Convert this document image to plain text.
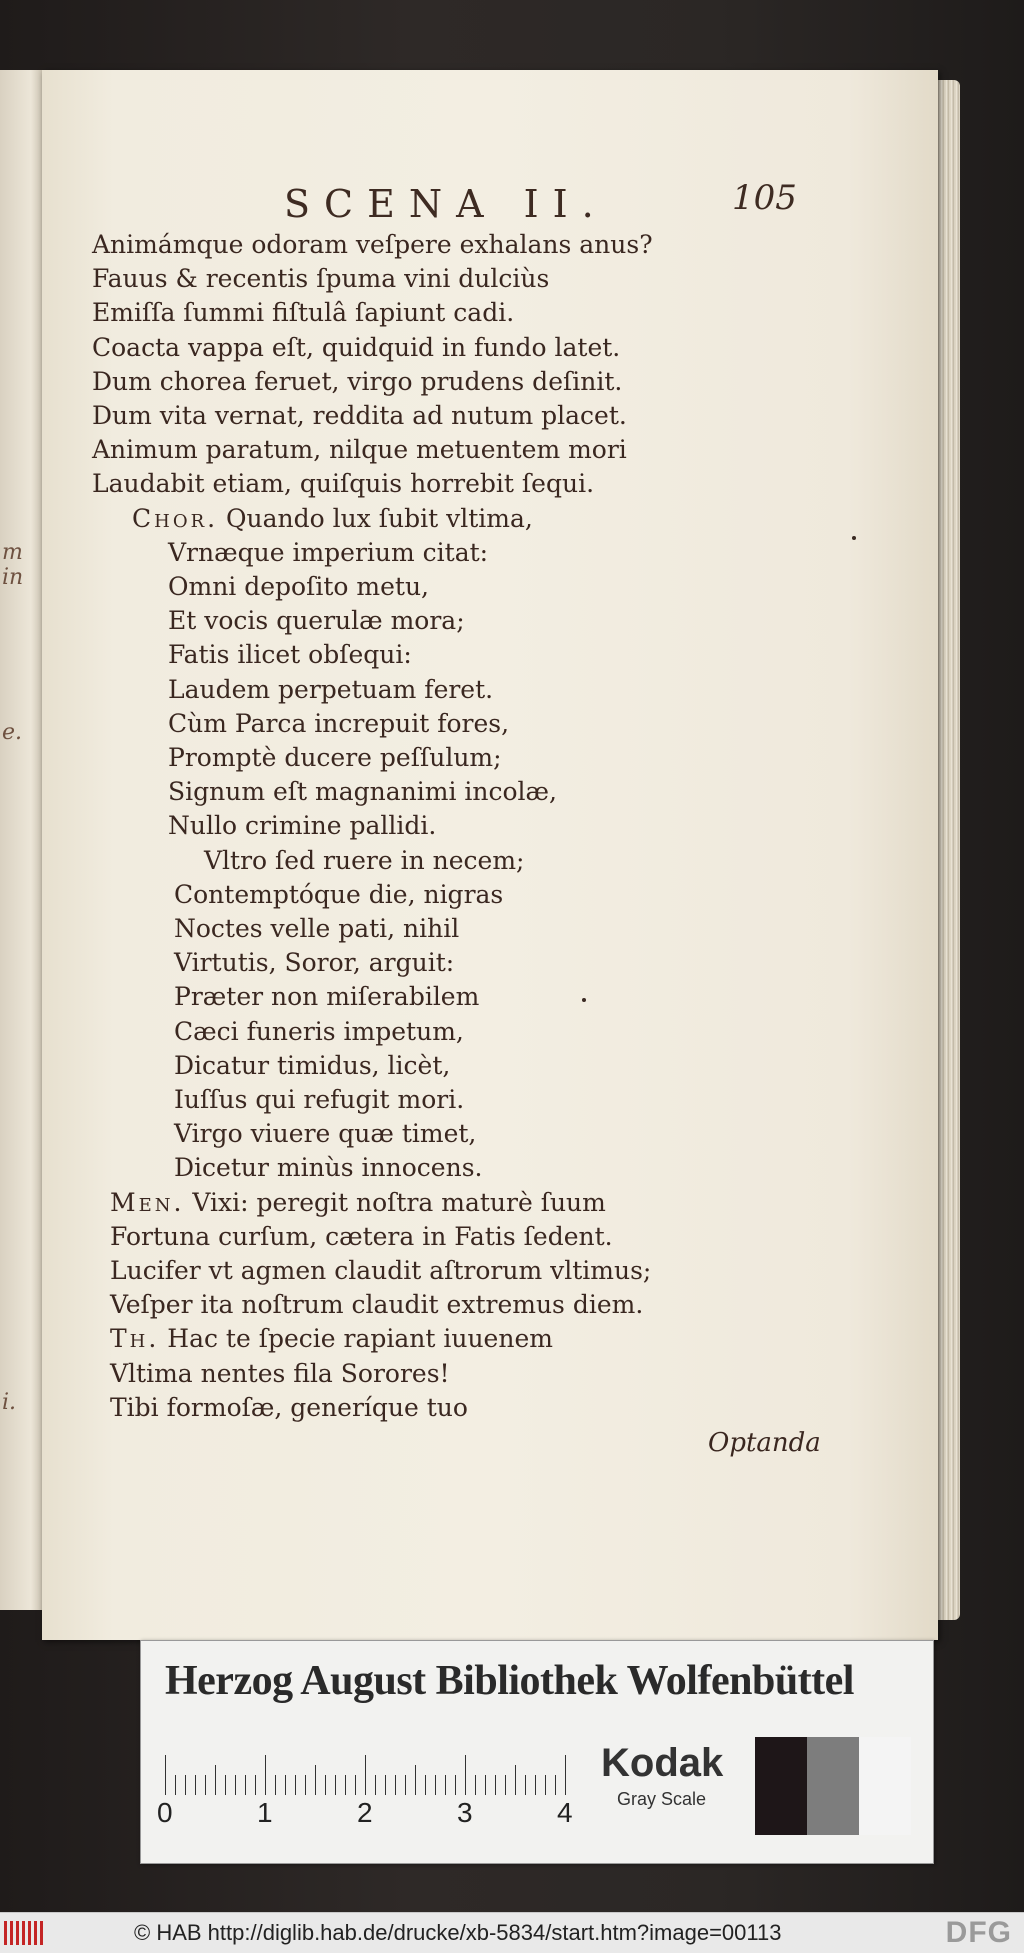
m in
e.
i.
SCENA II.	105
Animámque odoram veſpere exhalans anus?
Fauus & recentis ſpuma vini dulciùs
Emiſſa ſummi fiſtulâ ſapiunt cadi.
Coacta vappa eſt, quidquid in fundo latet.
Dum chorea feruet, virgo prudens deſinit.
Dum vita vernat, reddita ad nutum placet.
Animum paratum, nilque metuentem mori
Laudabit etiam, quiſquis horrebit ſequi.
Chor. Quando lux ſubit vltima,
Vrnæque imperium citat:
Omni depoſito metu,
Et vocis querulæ mora;
Fatis ilicet obſequi:
Laudem perpetuam feret.
Cùm Parca increpuit fores,
Promptè ducere peſſulum;
Signum eſt magnanimi incolæ,
Nullo crimine pallidi.
Vltro ſed ruere in necem;
Contemptóque die, nigras
Noctes velle pati, nihil
Virtutis, Soror, arguit:
Præter non miſerabilem
Cæci funeris impetum,
Dicatur timidus, licèt,
Iuſſus qui refugit mori.
Virgo viuere quæ timet,
Dicetur minùs innocens.
Men. Vixi: peregit noſtra maturè ſuum
Fortuna curſum, cætera in Fatis ſedent.
Lucifer vt agmen claudit aſtrorum vltimus;
Veſper ita noſtrum claudit extremus diem.
Th. Hac te ſpecie rapiant iuuenem
Vltima nentes fila Sorores!
Tibi formoſæ, generíque tuo
Optanda
Herzog August Bibliothek Wolfenbüttel
0	1	2	3	4
Kodak
Gray Scale
© HAB http://diglib.hab.de/drucke/xb-5834/start.htm?image=00113	DFG
